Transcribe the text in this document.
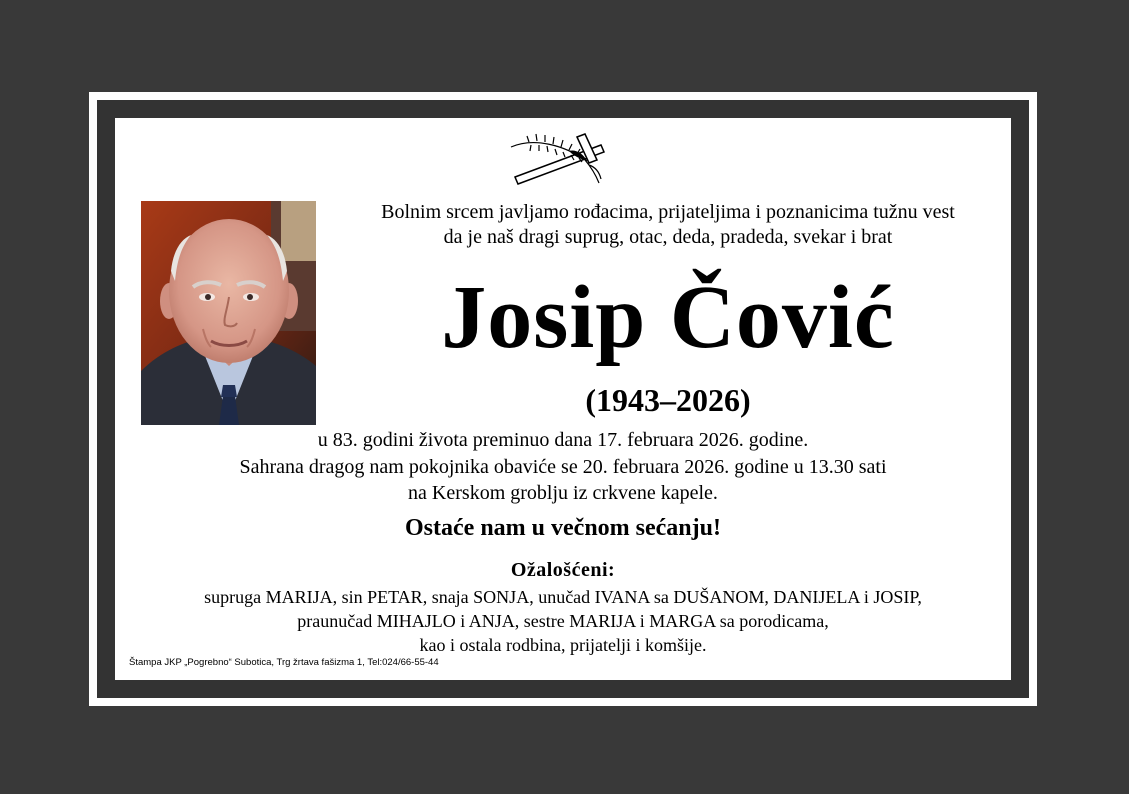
Bolnim srcem javljamo rođacima, prijateljima i poznanicima tužnu vest
da je naš dragi suprug, otac, deda, pradeda, svekar i brat
Josip Čović
(1943–2026)
u 83. godini života preminuo dana 17. februara 2026. godine.
Sahrana dragog nam pokojnika obaviće se 20. februara 2026. godine u 13.30 sati
na Kerskom groblju iz crkvene kapele.
Ostaće nam u večnom sećanju!
Ožalošćeni:
supruga MARIJA, sin PETAR, snaja SONJA, unučad IVANA sa DUŠANOM, DANIJELA i JOSIP,
praunučad MIHAJLO i ANJA, sestre MARIJA i MARGA sa porodicama,
kao i ostala rodbina, prijatelji i komšije.
Štampa JKP „Pogrebno“ Subotica, Trg žrtava fašizma 1, Tel:024/66-55-44
